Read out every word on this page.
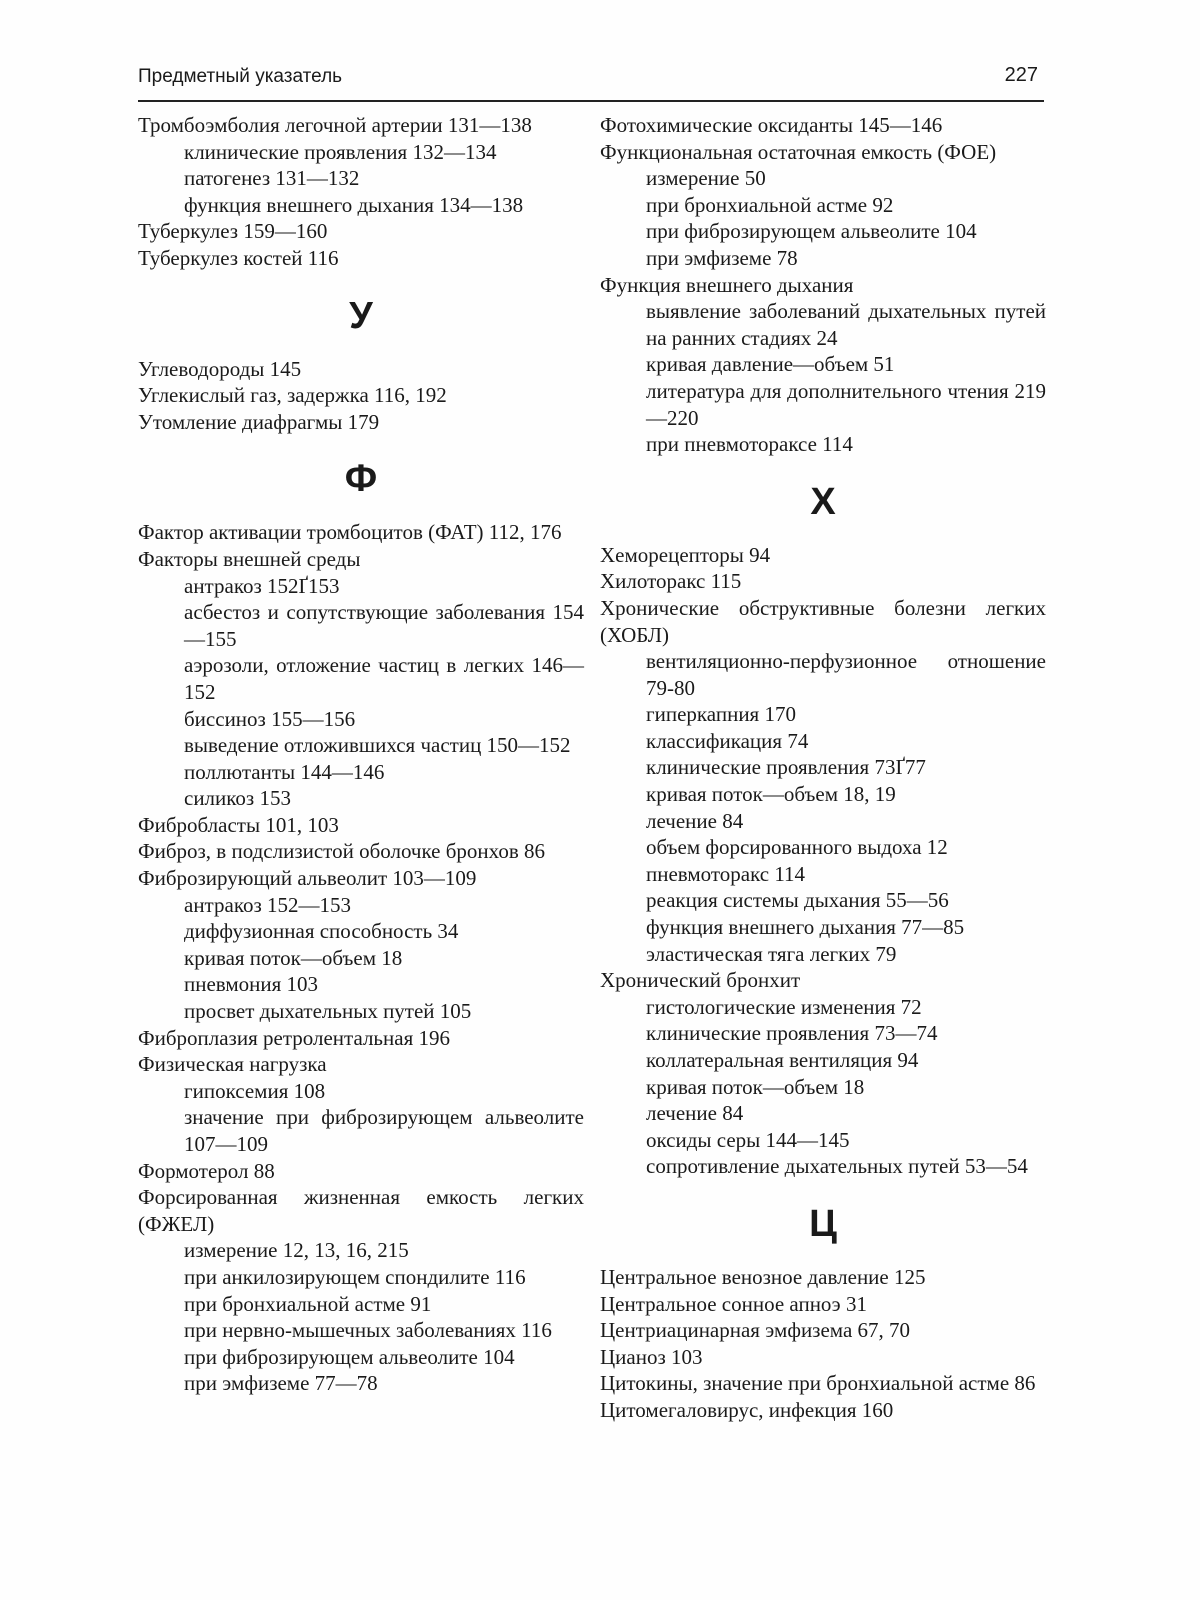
Предметный указатель	227

Тромбоэмболия легочной артерии 131—138

клинические проявления 132—134

патогенез 131—132

функция внешнего дыхания 134—138

Туберкулез 159—160

Туберкулез костей 116

У

Углеводороды 145

Углекислый газ, задержка 116, 192

Утомление диафрагмы 179

Ф

Фактор активации тромбоцитов (ФАТ) 112, 176

Факторы внешней среды

антракоз 152Ґ153

асбестоз и сопутствующие заболевания 154—155

аэрозоли, отложение частиц в легких 146—152

биссиноз 155—156

выведение отложившихся частиц 150—152

поллютанты 144—146

силикоз 153

Фибробласты 101, 103

Фиброз, в подслизистой оболочке бронхов 86

Фиброзирующий альвеолит 103—109

антракоз 152—153

диффузионная способность 34

кривая поток—объем 18

пневмония 103

просвет дыхательных путей 105

Фиброплазия ретролентальная 196

Физическая нагрузка

гипоксемия 108

значение при фиброзирующем альвеолите 107—109

Формотерол 88

Форсированная жизненная емкость легких (ФЖЕЛ)

измерение 12, 13, 16, 215

при анкилозирующем спондилите 116

при бронхиальной астме 91

при нервно-мышечных заболеваниях 116

при фиброзирующем альвеолите 104

при эмфиземе 77—78

Фотохимические оксиданты 145—146

Функциональная остаточная емкость (ФОЕ)

измерение 50

при бронхиальной астме 92

при фиброзирующем альвеолите 104

при эмфиземе 78

Функция внешнего дыхания

выявление заболеваний дыхательных путей на ранних стадиях 24

кривая давление—объем 51

литература для дополнительного чтения 219—220

при пневмотораксе 114

Х

Хеморецепторы 94

Хилоторакс 115

Хронические обструктивные болезни легких (ХОБЛ)

вентиляционно-перфузионное отношение 79-80

гиперкапния 170

классификация 74

клинические проявления 73Ґ77

кривая поток—объем 18, 19

лечение 84

объем форсированного выдоха 12

пневмоторакс 114

реакция системы дыхания 55—56

функция внешнего дыхания 77—85

эластическая тяга легких 79

Хронический бронхит

гистологические изменения 72

клинические проявления 73—74

коллатеральная вентиляция 94

кривая поток—объем 18

лечение 84

оксиды серы 144—145

сопротивление дыхательных путей 53—54

Ц

Центральное венозное давление 125

Центральное сонное апноэ 31

Центриацинарная эмфизема 67, 70

Цианоз 103

Цитокины, значение при бронхиальной астме 86

Цитомегаловирус, инфекция 160
